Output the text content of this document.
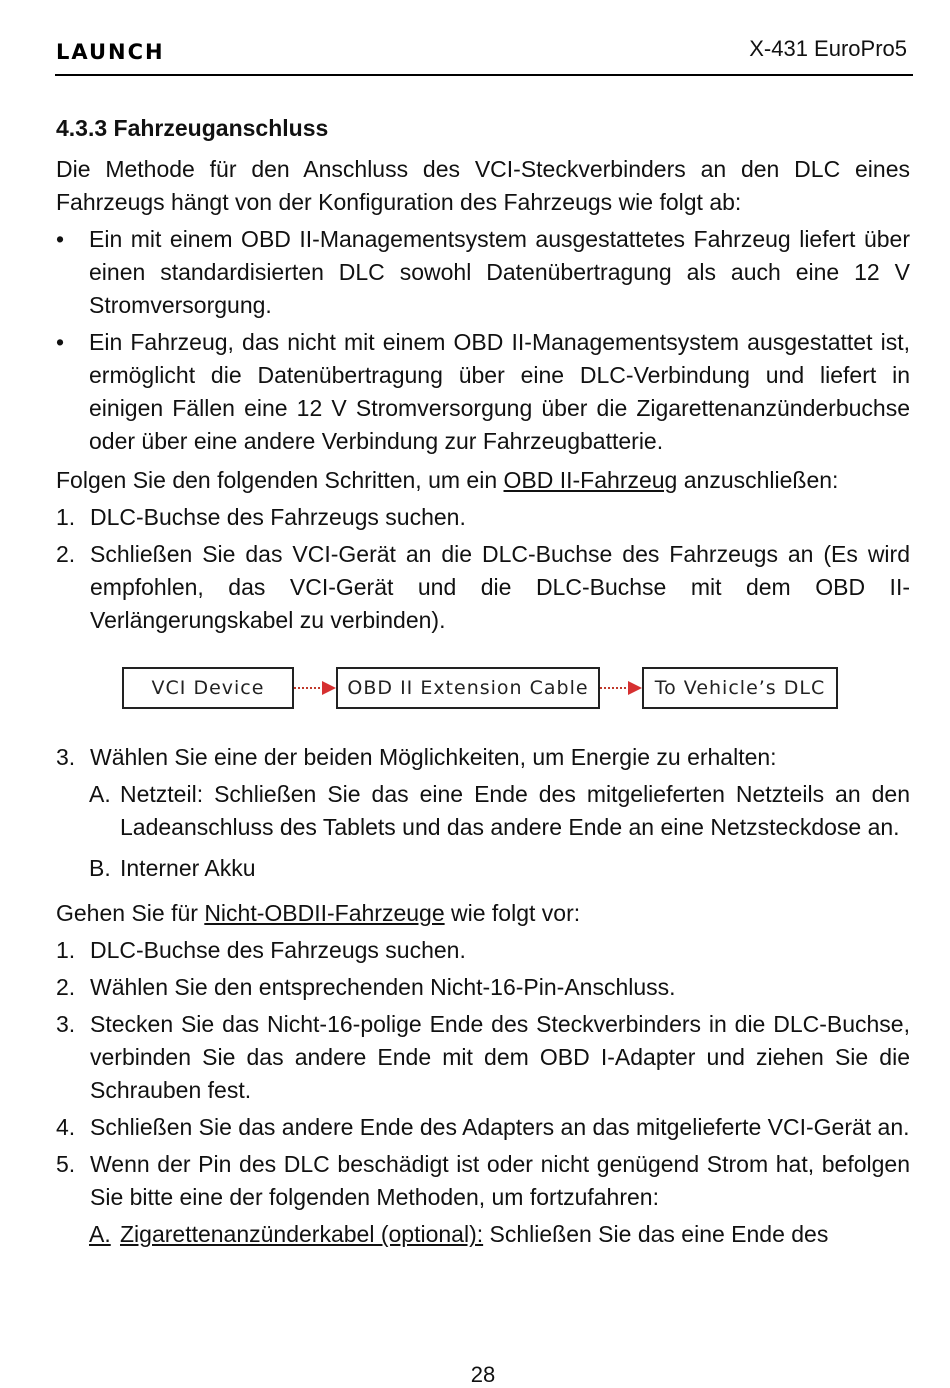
LAUNCH	X-431 EuroPro5
4.3.3 Fahrzeuganschluss

Die Methode für den Anschluss des VCI-Steckverbinders an den DLC eines Fahrzeugs hängt von der Konfiguration des Fahrzeugs wie folgt ab:

• Ein mit einem OBD II-Managementsystem ausgestattetes Fahrzeug liefert über einen standardisierten DLC sowohl Datenübertragung als auch eine 12 V Stromversorgung.
• Ein Fahrzeug, das nicht mit einem OBD II-Managementsystem ausgestattet ist, ermöglicht die Datenübertragung über eine DLC-Verbindung und liefert in einigen Fällen eine 12 V Stromversorgung über die Zigarettenanzünderbuchse oder über eine andere Verbindung zur Fahrzeugbatterie.

Folgen Sie den folgenden Schritten, um ein OBD II-Fahrzeug anzuschließen:

1. DLC-Buchse des Fahrzeugs suchen.
2. Schließen Sie das VCI-Gerät an die DLC-Buchse des Fahrzeugs an (Es wird empfohlen, das VCI-Gerät und die DLC-Buchse mit dem OBD II-Verlängerungskabel zu verbinden).
VCI Device	OBD II Extension Cable	To Vehicle’s DLC
3. Wählen Sie eine der beiden Möglichkeiten, um Energie zu erhalten:
A. Netzteil: Schließen Sie das eine Ende des mitgelieferten Netzteils an den Ladeanschluss des Tablets und das andere Ende an eine Netzsteckdose an.
B. Interner Akku

Gehen Sie für Nicht-OBDII-Fahrzeuge wie folgt vor:

1. DLC-Buchse des Fahrzeugs suchen.
2. Wählen Sie den entsprechenden Nicht-16-Pin-Anschluss.
3. Stecken Sie das Nicht-16-polige Ende des Steckverbinders in die DLC-Buchse, verbinden Sie das andere Ende mit dem OBD I-Adapter und ziehen Sie die Schrauben fest.
4. Schließen Sie das andere Ende des Adapters an das mitgelieferte VCI-Gerät an.
5. Wenn der Pin des DLC beschädigt ist oder nicht genügend Strom hat, befolgen Sie bitte eine der folgenden Methoden, um fortzufahren:
A. Zigarettenanzünderkabel (optional): Schließen Sie das eine Ende des
28
